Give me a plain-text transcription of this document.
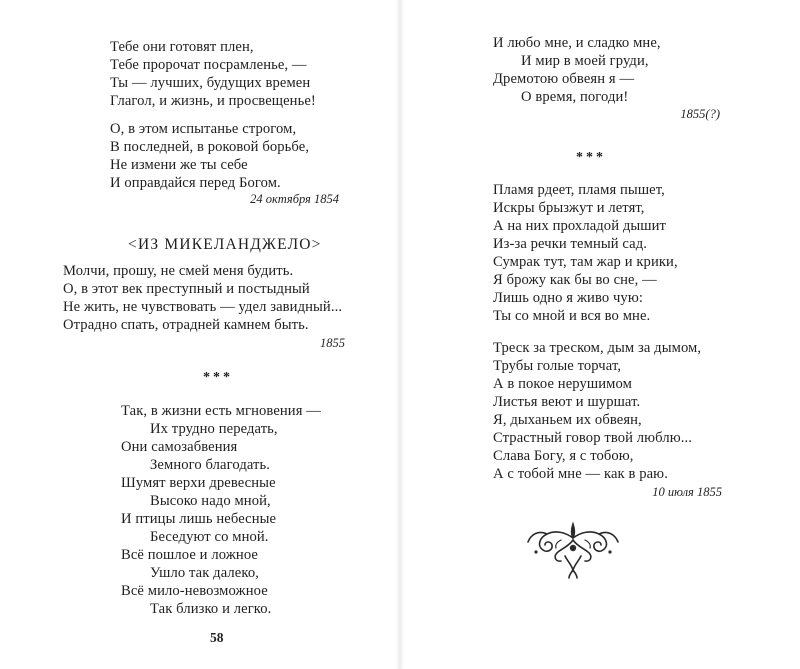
Тебе они готовят плен,
Тебе пророчат посрамленье, —
Ты — лучших, будущих времен
Глагол, и жизнь, и просвещенье!
О, в этом испытанье строгом,
В последней, в роковой борьбе,
Не измени же ты себе
И оправдайся перед Богом.
24 октября 1854
<ИЗ МИКЕЛАНДЖЕЛО>
Молчи, прошу, не смей меня будить.
О, в этот век преступный и постыдный
Не жить, не чувствовать — удел завидный...
Отрадно спать, отрадней камнем быть.
1855
***
Так, в жизни есть мгновения —
Их трудно передать,
Они самозабвения
Земного благодать.
Шумят верхи древесные
Высоко надо мной,
И птицы лишь небесные
Беседуют со мной.
Всё пошлое и ложное
Ушло так далеко,
Всё мило-невозможное
Так близко и легко.
58
И любо мне, и сладко мне,
И мир в моей груди,
Дремотою обвеян я —
О время, погоди!
1855(?)
***
Пламя рдеет, пламя пышет,
Искры брызжут и летят,
А на них прохладой дышит
Из-за речки темный сад.
Сумрак тут, там жар и крики,
Я брожу как бы во сне, —
Лишь одно я живо чую:
Ты со мной и вся во мне.
Треск за треском, дым за дымом,
Трубы голые торчат,
А в покое нерушимом
Листья веют и шуршат.
Я, дыханьем их обвеян,
Страстный говор твой люблю...
Слава Богу, я с тобою,
А с тобой мне — как в раю.
10 июля 1855
